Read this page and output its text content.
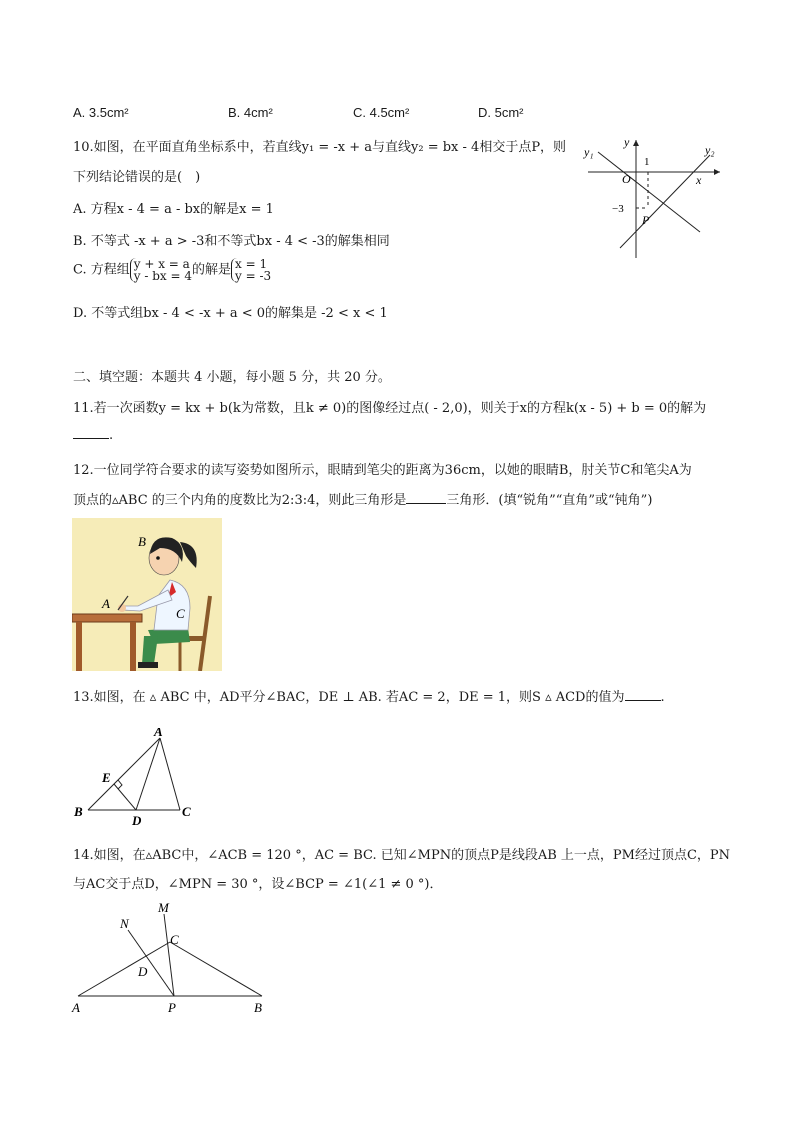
A. 3.5cm²	B. 4cm²	C. 4.5cm²	D. 5cm²
10.如图，在平面直角坐标系中，若直线y₁ = -x + a与直线y₂ = bx - 4相交于点P，则
下列结论错误的是(　)
A. 方程x - 4 = a - bx的解是x = 1
B. 不等式 -x + a > -3和不等式bx - 4 < -3的解集相同
C. 方程组 y + x = a
y - bx = 4的解是 x = 1
y = -3
D. 不等式组bx - 4 < -x + a < 0的解集是 -2 < x < 1
y₁	y₂
y
x
O
1
−3
P
二、填空题：本题共 4 小题，每小题 5 分，共 20 分。
11.若一次函数y = kx + b(k为常数，且k ≠ 0)的图像经过点( - 2,0)，则关于x的方程k(x - 5) + b = 0的解为
.
12.一位同学符合要求的读写姿势如图所示，眼睛到笔尖的距离为36cm，以她的眼睛B，肘关节C和笔尖A为
顶点的▵ABC 的三个内角的度数比为2:3:4，则此三角形是	三角形．(填“锐角”“直角”或“钝角”)
B
A
C
13.如图，在 ▵ ABC 中，AD平分∠BAC，DE ⊥ AB. 若AC = 2，DE = 1，则S ▵ ACD的值为	.
A
B	C
D
E
14.如图，在▵ABC中，∠ACB = 120 °，AC = BC. 已知∠MPN的顶点P是线段AB 上一点，PM经过顶点C，PN
与AC交于点D，∠MPN = 30 °，设∠BCP = ∠1(∠1 ≠ 0 °)．
N
M
C
D
A	P	B
